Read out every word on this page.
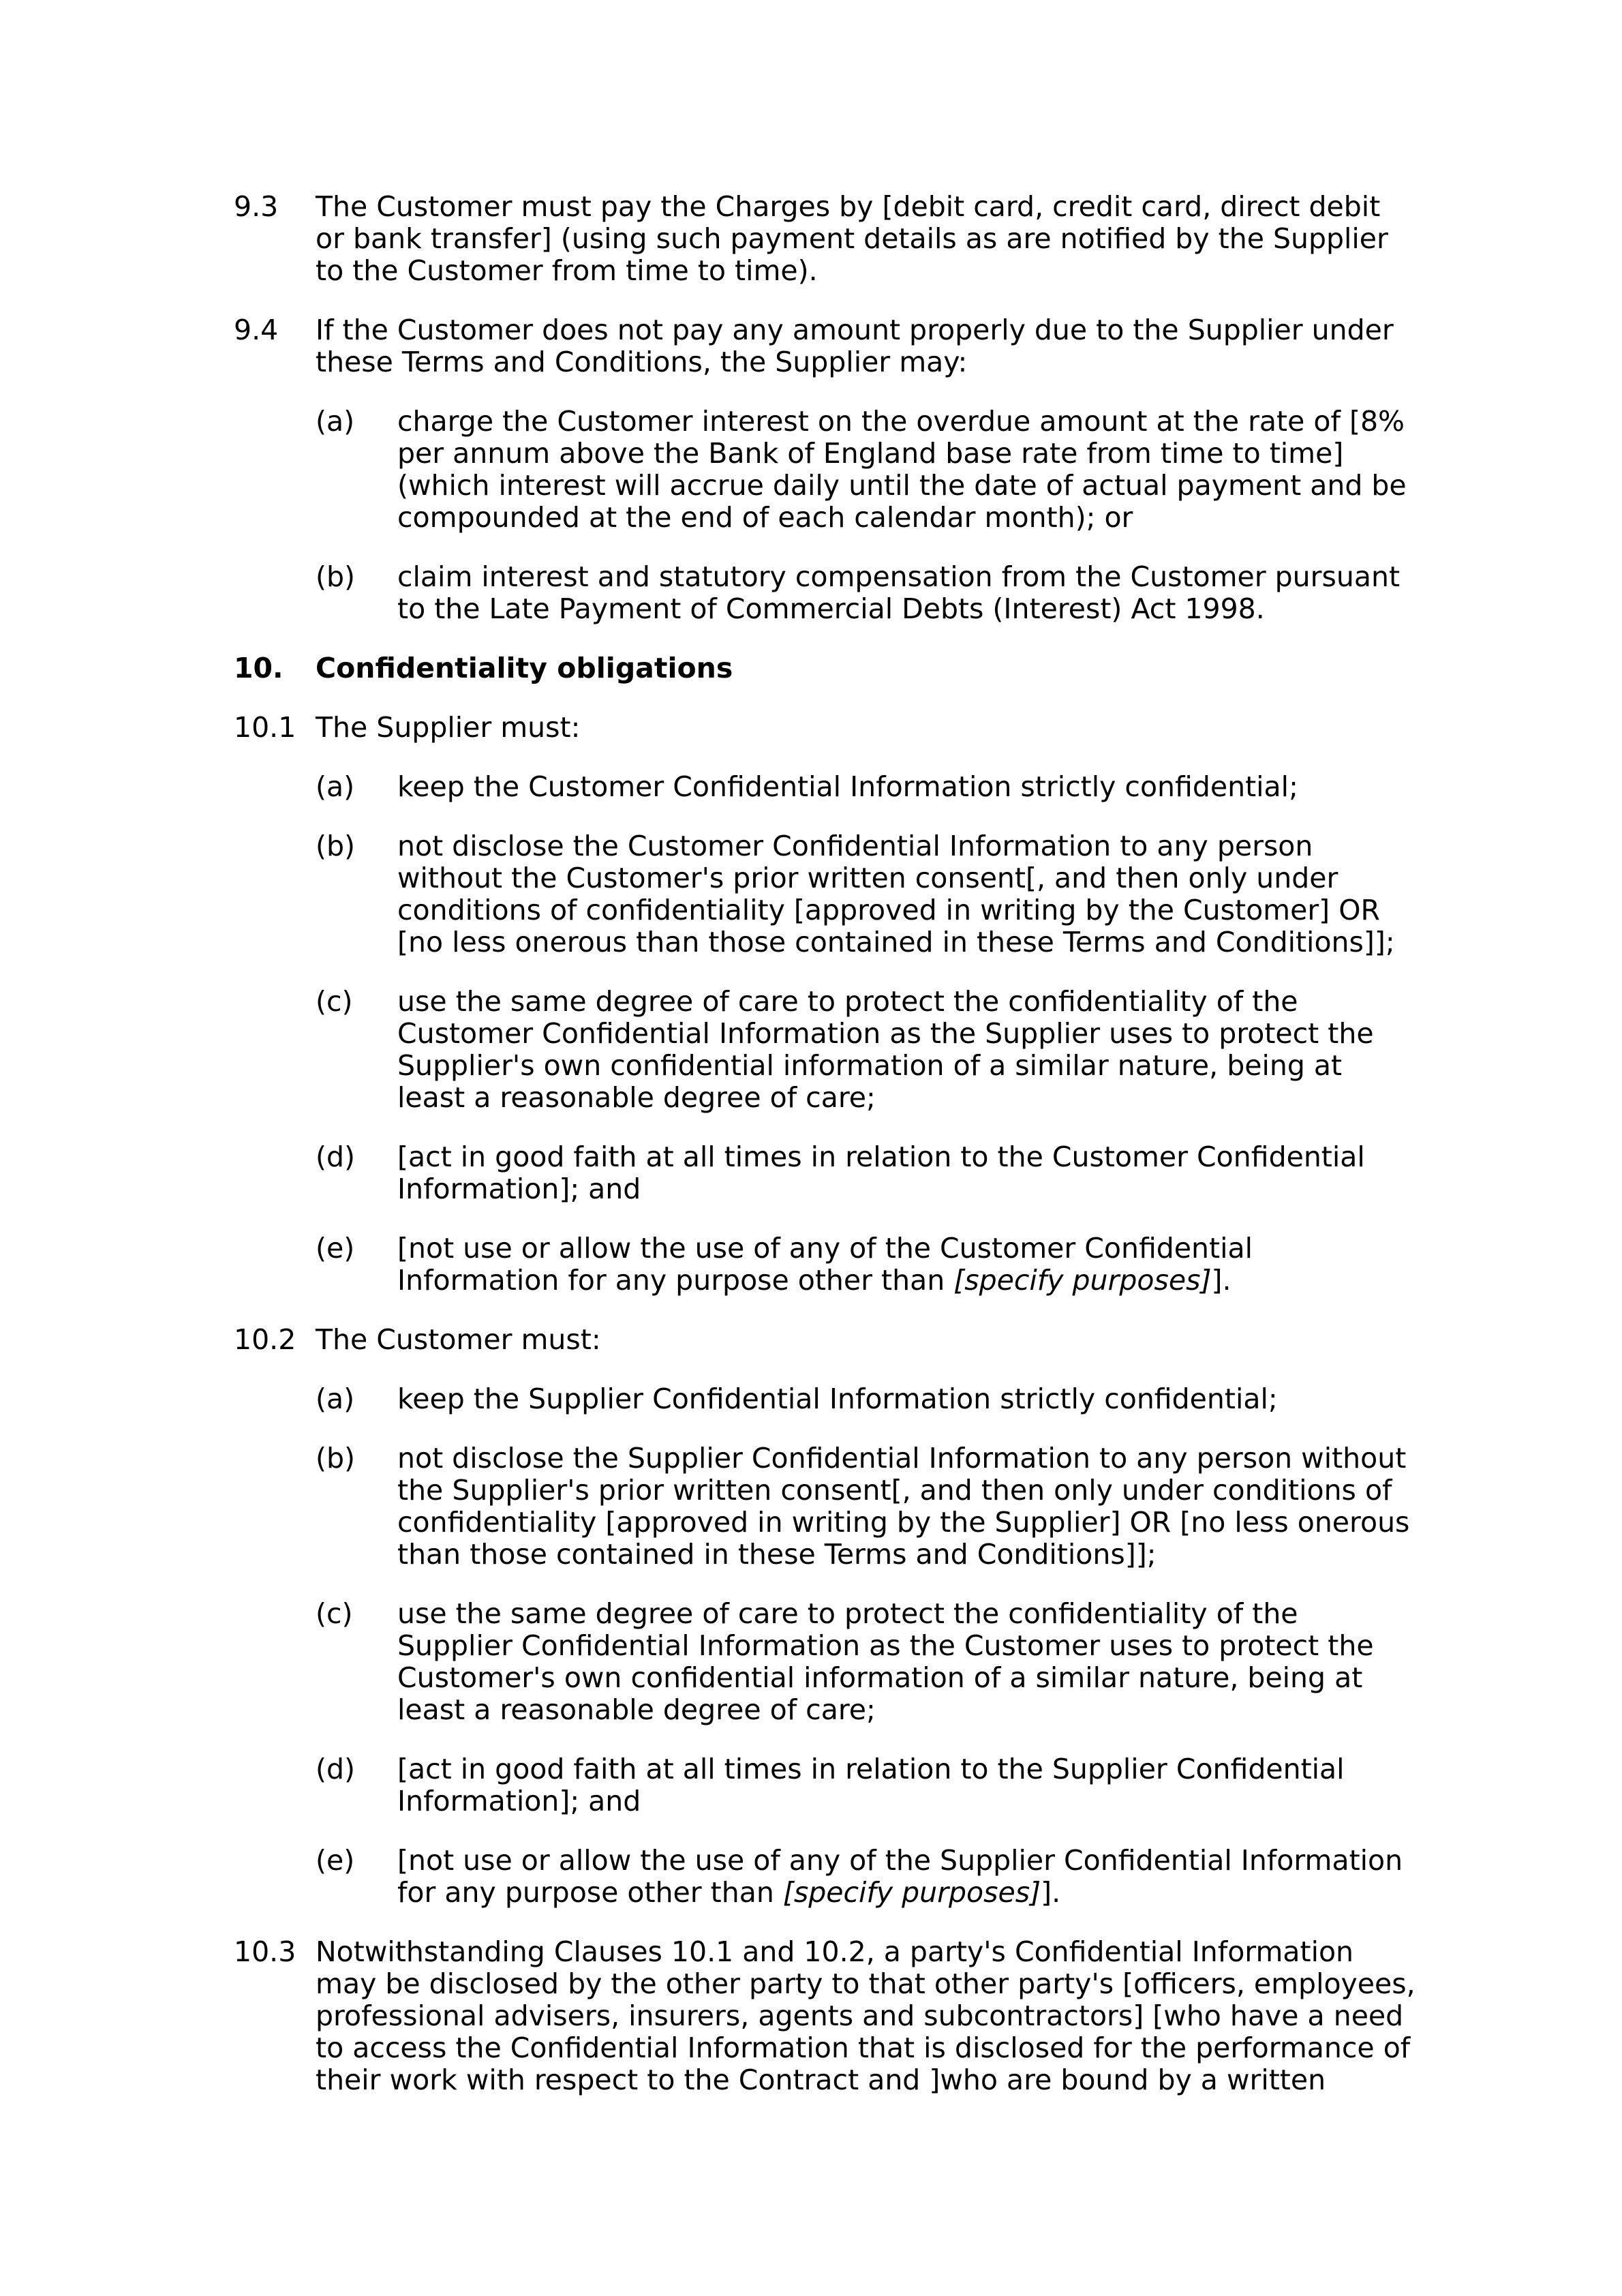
9.3	The Customer must pay the Charges by [debit card, credit card, direct debit or bank transfer] (using such payment details as are notified by the Supplier to the Customer from time to time).
9.4	If the Customer does not pay any amount properly due to the Supplier under these Terms and Conditions, the Supplier may:
(a)	charge the Customer interest on the overdue amount at the rate of [8% per annum above the Bank of England base rate from time to time] (which interest will accrue daily until the date of actual payment and be compounded at the end of each calendar month); or
(b)	claim interest and statutory compensation from the Customer pursuant to the Late Payment of Commercial Debts (Interest) Act 1998.
10.	Confidentiality obligations
10.1 The Supplier must:
(a)	keep the Customer Confidential Information strictly confidential;
(b)	not disclose the Customer Confidential Information to any person without the Customer's prior written consent[, and then only under conditions of confidentiality [approved in writing by the Customer] OR [no less onerous than those contained in these Terms and Conditions]];
(c)	use the same degree of care to protect the confidentiality of the Customer Confidential Information as the Supplier uses to protect the Supplier's own confidential information of a similar nature, being at least a reasonable degree of care;
(d)	[act in good faith at all times in relation to the Customer Confidential Information]; and
(e)	[not use or allow the use of any of the Customer Confidential Information for any purpose other than [specify purposes]].
10.2 The Customer must:
(a)	keep the Supplier Confidential Information strictly confidential;
(b)	not disclose the Supplier Confidential Information to any person without the Supplier's prior written consent[, and then only under conditions of confidentiality [approved in writing by the Supplier] OR [no less onerous than those contained in these Terms and Conditions]];
(c)	use the same degree of care to protect the confidentiality of the Supplier Confidential Information as the Customer uses to protect the Customer's own confidential information of a similar nature, being at least a reasonable degree of care;
(d)	[act in good faith at all times in relation to the Supplier Confidential Information]; and
(e)	[not use or allow the use of any of the Supplier Confidential Information for any purpose other than [specify purposes]].
10.3 Notwithstanding Clauses 10.1 and 10.2, a party's Confidential Information may be disclosed by the other party to that other party's [officers, employees, professional advisers, insurers, agents and subcontractors] [who have a need to access the Confidential Information that is disclosed for the performance of their work with respect to the Contract and ]who are bound by a written
